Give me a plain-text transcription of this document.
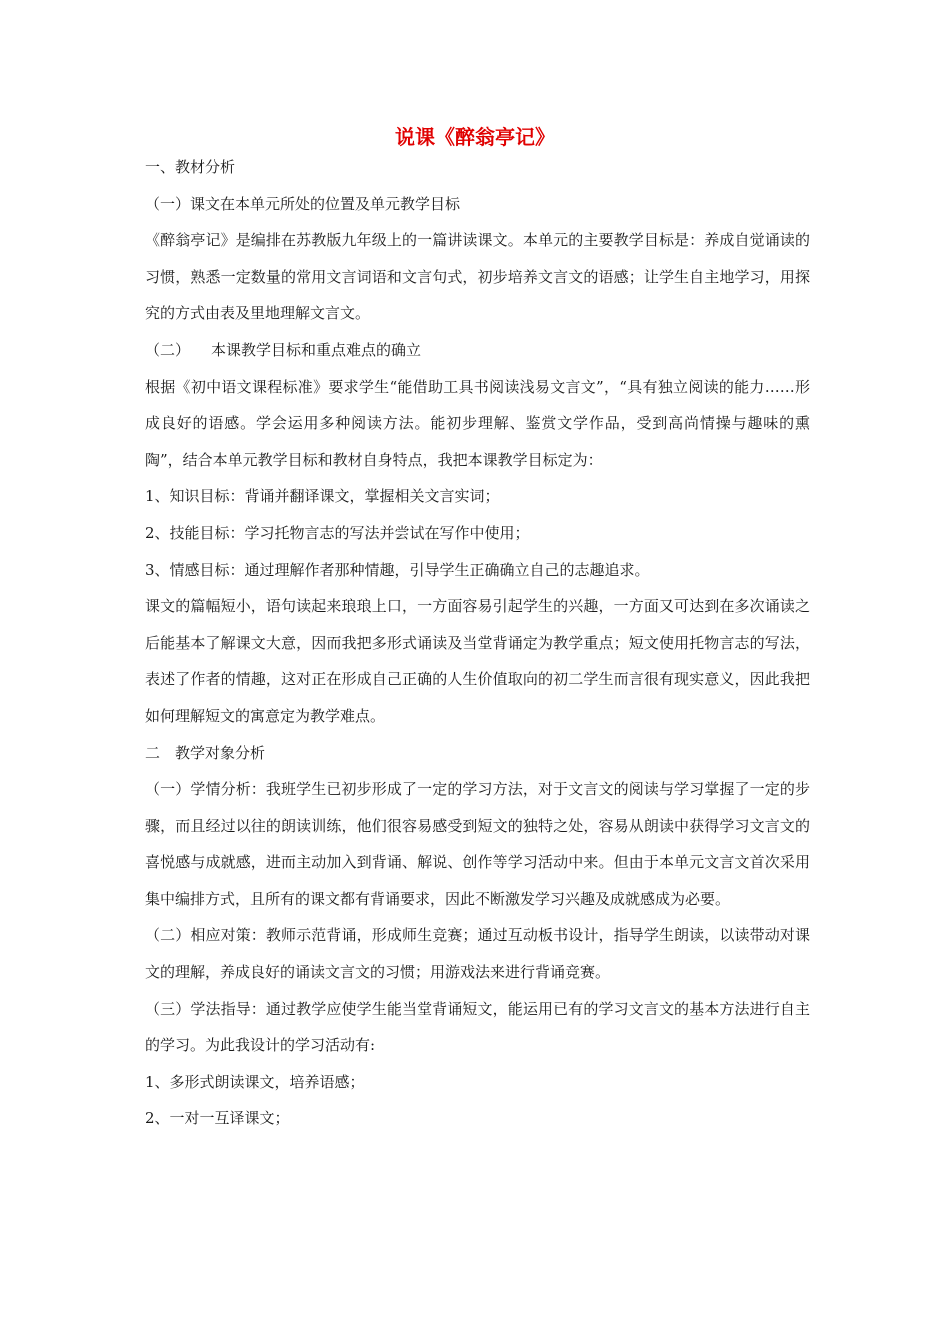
说课《醉翁亭记》

一、教材分析

（一）课文在本单元所处的位置及单元教学目标

《醉翁亭记》是编排在苏教版九年级上的一篇讲读课文。本单元的主要教学目标是：养成自觉诵读的习惯，熟悉一定数量的常用文言词语和文言句式，初步培养文言文的语感；让学生自主地学习，用探究的方式由表及里地理解文言文。

（二） 本课教学目标和重点难点的确立

根据《初中语文课程标准》要求学生“能借助工具书阅读浅易文言文”，“具有独立阅读的能力……形成良好的语感。学会运用多种阅读方法。能初步理解、鉴赏文学作品，受到高尚情操与趣味的熏陶”，结合本单元教学目标和教材自身特点，我把本课教学目标定为：

1、知识目标：背诵并翻译课文，掌握相关文言实词；

2、技能目标：学习托物言志的写法并尝试在写作中使用；

3、情感目标：通过理解作者那种情趣，引导学生正确确立自己的志趣追求。

课文的篇幅短小，语句读起来琅琅上口，一方面容易引起学生的兴趣，一方面又可达到在多次诵读之后能基本了解课文大意，因而我把多形式诵读及当堂背诵定为教学重点；短文使用托物言志的写法，表述了作者的情趣，这对正在形成自己正确的人生价值取向的初二学生而言很有现实意义，因此我把如何理解短文的寓意定为教学难点。

二　教学对象分析

（一）学情分析：我班学生已初步形成了一定的学习方法，对于文言文的阅读与学习掌握了一定的步骤，而且经过以往的朗读训练，他们很容易感受到短文的独特之处，容易从朗读中获得学习文言文的喜悦感与成就感，进而主动加入到背诵、解说、创作等学习活动中来。但由于本单元文言文首次采用集中编排方式，且所有的课文都有背诵要求，因此不断激发学习兴趣及成就感成为必要。

（二）相应对策：教师示范背诵，形成师生竞赛；通过互动板书设计，指导学生朗读，以读带动对课文的理解，养成良好的诵读文言文的习惯；用游戏法来进行背诵竞赛。

（三）学法指导：通过教学应使学生能当堂背诵短文，能运用已有的学习文言文的基本方法进行自主的学习。为此我设计的学习活动有:

1、多形式朗读课文，培养语感；

2、一对一互译课文；
